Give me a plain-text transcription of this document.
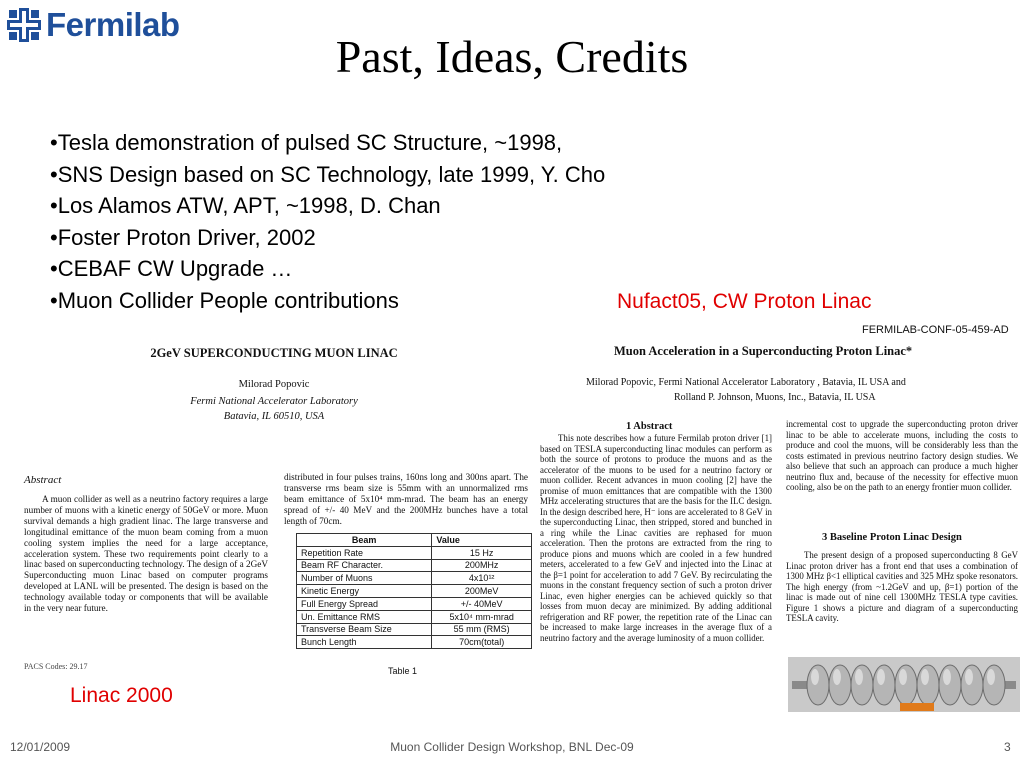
Fermilab
Past, Ideas, Credits
•Tesla demonstration of pulsed SC Structure, ~1998,
•SNS Design based on SC Technology, late 1999, Y. Cho
•Los Alamos ATW, APT, ~1998, D. Chan
•Foster Proton Driver, 2002
•CEBAF CW Upgrade …
•Muon Collider People contributions	Nufact05, CW Proton Linac
2GeV SUPERCONDUCTING MUON LINAC
Milorad Popovic
Fermi National Accelerator Laboratory
Batavia, IL 60510, USA
Abstract
A muon collider as well as a neutrino factory requires a large number of muons with a kinetic energy of 50GeV or more. Muon survival demands a high gradient linac. The large transverse and longitudinal emittance of the muon beam coming from a muon cooling system implies the need for a large acceptance, acceleration system. These two requirements point clearly to a linac based on superconducting technology. The design of a 2GeV Superconducting muon Linac based on computer programs developed at LANL will be presented. The design is based on the technology available today or components that will be available in the very near future.
PACS Codes: 29.17
distributed in four pulses trains, 160ns long and 300ns apart. The transverse rms beam size is 55mm with an unnormalized rms beam emittance of 5x10⁴ mm-mrad. The beam has an energy spread of +/- 40 MeV and the 200MHz bunches have a total length of 70cm.
Beam	Value
Repetition Rate	15 Hz
Beam RF Character.	200MHz
Number of Muons	4x10¹²
Kinetic Energy	200MeV
Full Energy Spread	+/- 40MeV
Un. Emittance RMS	5x10⁴ mm-mrad
Transverse Beam Size	55 mm (RMS)
Bunch Length	70cm(total)
Table 1
Linac 2000
FERMILAB-CONF-05-459-AD
Muon Acceleration in a Superconducting Proton Linac*
Milorad Popovic, Fermi National Accelerator Laboratory , Batavia, IL USA and
Rolland P. Johnson, Muons, Inc., Batavia, IL USA
1 Abstract
This note describes how a future Fermilab proton driver [1] based on TESLA superconducting linac modules can perform as both the source of protons to produce the muons and as the accelerator of the muons to be used for a neutrino factory or muon collider. Recent advances in muon cooling [2] have the promise of muon emittances that are compatible with the 1300 MHz accelerating structures that are the basis for the ILC design. In the design described here, H⁻ ions are accelerated to 8 GeV in the superconducting Linac, then stripped, stored and bunched in a ring while the Linac cavities are rephased for muon acceleration. Then the protons are extracted from the ring to produce pions and muons which are cooled in a few hundred meters, accelerated to a few GeV and injected into the Linac at the β=1 point for acceleration to add 7 GeV. By recirculating the muons in the constant frequency section of such a proton driver Linac, even higher energies can be achieved quickly so that losses from muon decay are minimized. By adding additional refrigeration and RF power, the repetition rate of the Linac can be increased to make large increases in the average flux of a neutrino factory and the average luminosity of a muon collider.
incremental cost to upgrade the superconducting proton driver linac to be able to accelerate muons, including the costs to produce and cool the muons, will be considerably less than the costs estimated in previous neutrino factory design studies. We also believe that such an approach can produce a much higher neutrino flux and, because of the necessity for effective muon cooling, also be on the path to an energy frontier muon collider.
3 Baseline Proton Linac Design
The present design of a proposed superconducting 8 GeV Linac proton driver has a front end that uses a combination of 1300 MHz β<1 elliptical cavities and 325 MHz spoke resonators. The high energy (from ~1.2GeV and up, β=1) portion of the linac is made out of nine cell 1300MHz TESLA type cavities. Figure 1 shows a picture and diagram of a superconducting TESLA cavity.
12/01/2009	Muon Collider Design Workshop, BNL Dec-09	3
